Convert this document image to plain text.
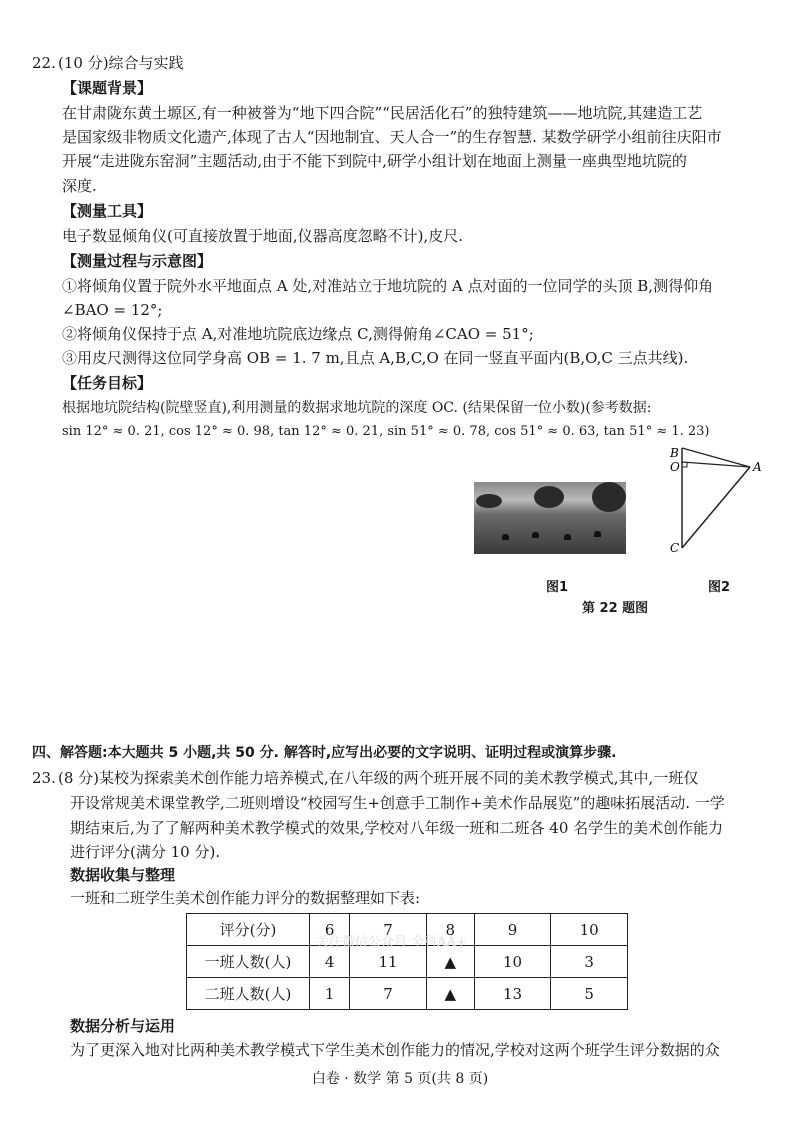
22. (10 分)综合与实践
【课题背景】
在甘肃陇东黄土塬区,有一种被誉为“地下四合院”“民居活化石”的独特建筑——地坑院,其建造工艺
是国家级非物质文化遗产,体现了古人“因地制宜、天人合一”的生存智慧. 某数学研学小组前往庆阳市
开展“走进陇东窑洞”主题活动,由于不能下到院中,研学小组计划在地面上测量一座典型地坑院的
深度.
【测量工具】
电子数显倾角仪(可直接放置于地面,仪器高度忽略不计),皮尺.
【测量过程与示意图】
①将倾角仪置于院外水平地面点 A 处,对准站立于地坑院的 A 点对面的一位同学的头顶 B,测得仰角
∠BAO = 12°;
②将倾角仪保持于点 A,对准地坑院底边缘点 C,测得俯角∠CAO = 51°;
③用皮尺测得这位同学身高 OB = 1. 7 m,且点 A,B,C,O 在同一竖直平面内(B,O,C 三点共线).
【任务目标】
根据地坑院结构(院壁竖直),利用测量的数据求地坑院的深度 OC. (结果保留一位小数)(参考数据:
sin 12° ≈ 0. 21, cos 12° ≈ 0. 98, tan 12° ≈ 0. 21, sin 51° ≈ 0. 78, cos 51° ≈ 0. 63, tan 51° ≈ 1. 23)
B
O	A
C
图1	图2
第 22 题图
四、解答题:本大题共 5 小题,共 50 分. 解答时,应写出必要的文字说明、证明过程或演算步骤.
23. (8 分)某校为探索美术创作能力培养模式,在八年级的两个班开展不同的美术教学模式,其中,一班仅
开设常规美术课堂教学,二班则增设“校园写生+创意手工制作+美术作品展览”的趣味拓展活动. 一学
期结束后,为了了解两种美术教学模式的效果,学校对八年级一班和二班各 40 名学生的美术创作能力
进行评分(满分 10 分).
数据收集与整理
一班和二班学生美术创作能力评分的数据整理如下表:
评分(分)	6	7	8	9	10
一班人数(人)	4	11	▲	10	3
二班人数(人)	1	7	▲	13	5
关注微信公众号 全科AA+
数据分析与运用
为了更深入地对比两种美术教学模式下学生美术创作能力的情况,学校对这两个班学生评分数据的众
白卷 · 数学 第 5 页(共 8 页)
